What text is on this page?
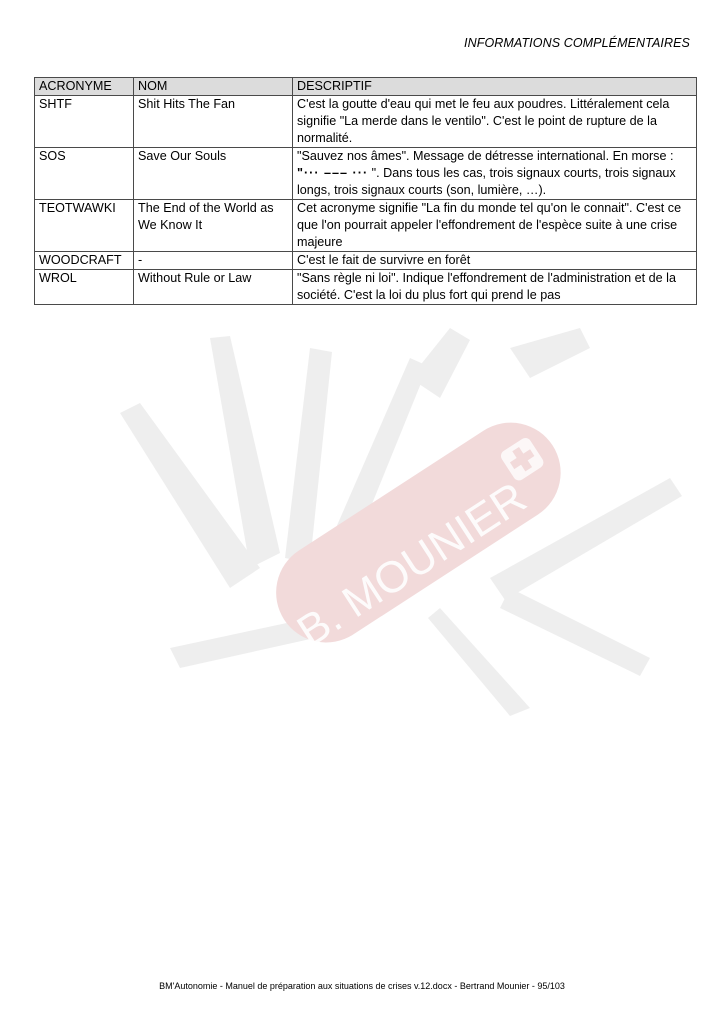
INFORMATIONS COMPLÉMENTAIRES
B. MOUNIER
ACRONYME	NOM	DESCRIPTIF
SHTF	Shit Hits The Fan	C'est la goutte d'eau qui met le feu aux poudres. Littéralement cela signifie "La merde dans le ventilo". C'est le point de rupture de la normalité.
SOS	Save Our Souls	"Sauvez nos âmes". Message de détresse international. En morse :
"··· ––– ··· ". Dans tous les cas, trois signaux courts, trois signaux longs, trois signaux courts (son, lumière, …).
TEOTWAWKI	The End of the World as We Know It	Cet acronyme signifie "La fin du monde tel qu'on le connait". C'est ce que l'on pourrait appeler l'effondrement de l'espèce suite à une crise majeure
WOODCRAFT	-	C'est le fait de survivre en forêt
WROL	Without Rule or Law	"Sans règle ni loi". Indique l'effondrement de l'administration et de la société. C'est la loi du plus fort qui prend le pas
BM'Autonomie - Manuel de préparation aux situations de crises v.12.docx - Bertrand Mounier - 95/103
